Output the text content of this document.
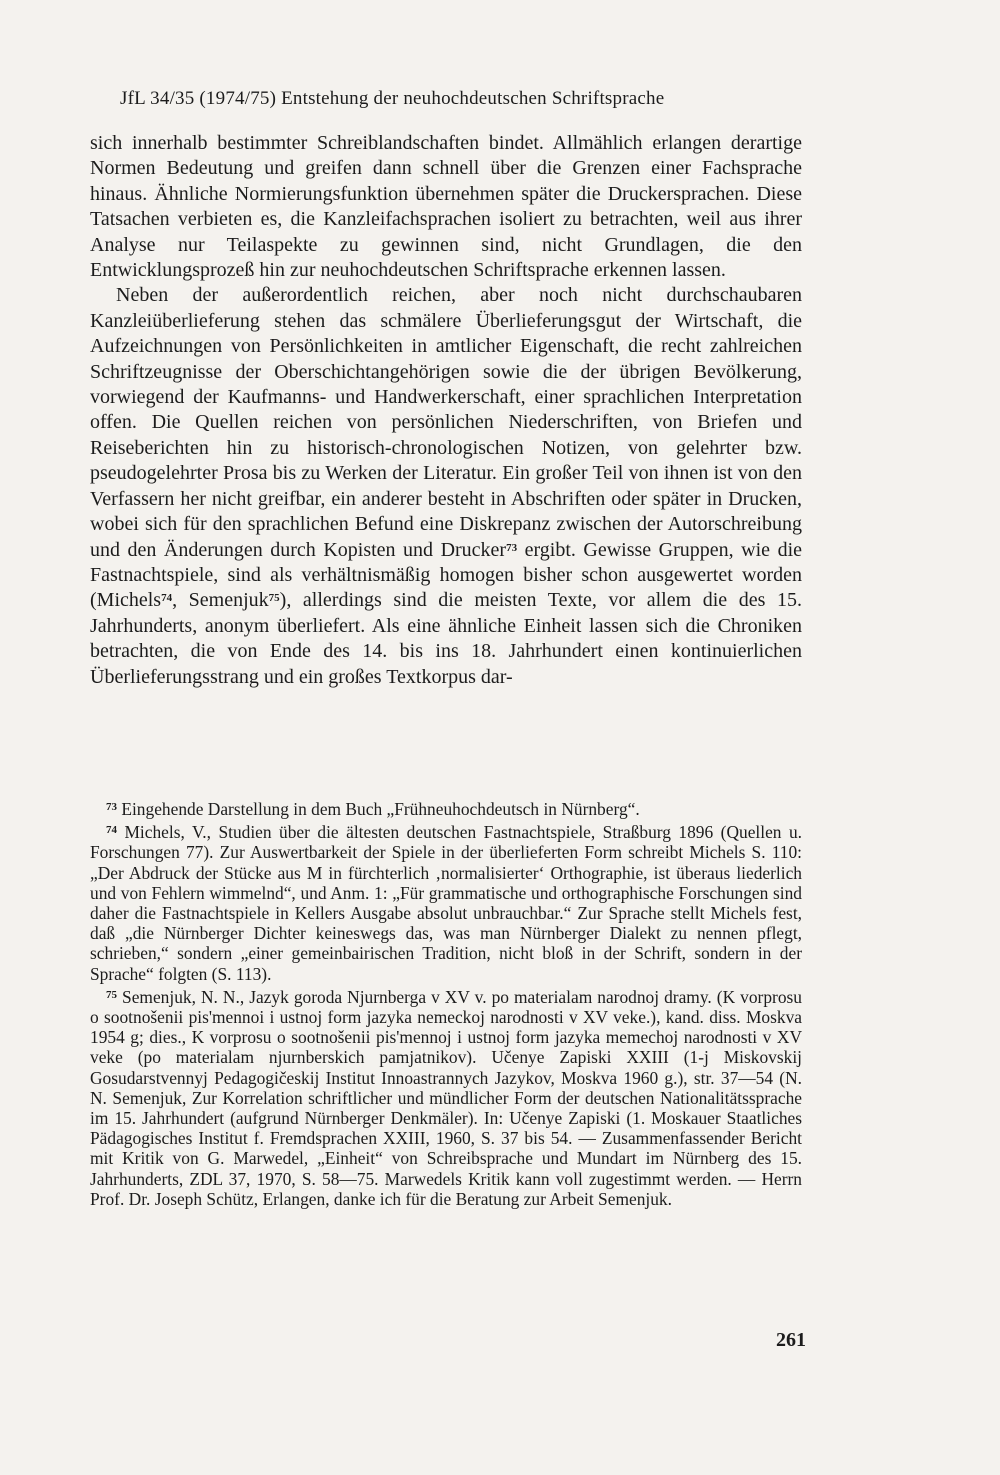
JfL 34/35 (1974/75) Entstehung der neuhochdeutschen Schriftsprache

sich innerhalb bestimmter Schreiblandschaften bindet. Allmählich erlangen derartige Normen Bedeutung und greifen dann schnell über die Grenzen einer Fachsprache hinaus. Ähnliche Normierungsfunktion übernehmen später die Druckersprachen. Diese Tatsachen verbieten es, die Kanzleifachsprachen isoliert zu betrachten, weil aus ihrer Analyse nur Teilaspekte zu gewinnen sind, nicht Grundlagen, die den Entwicklungsprozeß hin zur neuhochdeutschen Schriftsprache erkennen lassen.

Neben der außerordentlich reichen, aber noch nicht durchschaubaren Kanzleiüberlieferung stehen das schmälere Überlieferungsgut der Wirtschaft, die Aufzeichnungen von Persönlichkeiten in amtlicher Eigenschaft, die recht zahlreichen Schriftzeugnisse der Oberschichtangehörigen sowie die der übrigen Bevölkerung, vorwiegend der Kaufmanns- und Handwerkerschaft, einer sprachlichen Interpretation offen. Die Quellen reichen von persönlichen Niederschriften, von Briefen und Reiseberichten hin zu historisch-chronologischen Notizen, von gelehrter bzw. pseudogelehrter Prosa bis zu Werken der Literatur. Ein großer Teil von ihnen ist von den Verfassern her nicht greifbar, ein anderer besteht in Abschriften oder später in Drucken, wobei sich für den sprachlichen Befund eine Diskrepanz zwischen der Autorschreibung und den Änderungen durch Kopisten und Drucker$^{73}$ ergibt. Gewisse Gruppen, wie die Fastnachtspiele, sind als verhältnismäßig homogen bisher schon ausgewertet worden (Michels$^{74}$, Semenjuk$^{75}$), allerdings sind die meisten Texte, vor allem die des 15. Jahrhunderts, anonym überliefert. Als eine ähnliche Einheit lassen sich die Chroniken betrachten, die von Ende des 14. bis ins 18. Jahrhundert einen kontinuierlichen Überlieferungsstrang und ein großes Textkorpus dar-

$^{73}$ Eingehende Darstellung in dem Buch „Frühneuhochdeutsch in Nürnberg“.

$^{74}$ Michels, V., Studien über die ältesten deutschen Fastnachtspiele, Straßburg 1896 (Quellen u. Forschungen 77). Zur Auswertbarkeit der Spiele in der überlieferten Form schreibt Michels S. 110: „Der Abdruck der Stücke aus M in fürchterlich ‚normalisierter‘ Orthographie, ist überaus liederlich und von Fehlern wimmelnd“, und Anm. 1: „Für grammatische und orthographische Forschungen sind daher die Fastnachtspiele in Kellers Ausgabe absolut unbrauchbar.“ Zur Sprache stellt Michels fest, daß „die Nürnberger Dichter keineswegs das, was man Nürnberger Dialekt zu nennen pflegt, schrieben,“ sondern „einer gemeinbairischen Tradition, nicht bloß in der Schrift, sondern in der Sprache“ folgten (S. 113).

$^{75}$ Semenjuk, N. N., Jazyk goroda Njurnberga v XV v. po materialam narodnoj dramy. (K vorprosu o sootnošenii pis'mennoi i ustnoj form jazyka nemeckoj narodnosti v XV veke.), kand. diss. Moskva 1954 g; dies., K vorprosu o sootnošenii pis'mennoj i ustnoj form jazyka memechoj narodnosti v XV veke (po materialam njurnberskich pamjatnikov). Učenye Zapiski XXIII (1-j Miskovskij Gosudarstvennyj Pedagogičeskij Institut Innoastrannych Jazykov, Moskva 1960 g.), str. 37—54 (N. N. Semenjuk, Zur Korrelation schriftlicher und mündlicher Form der deutschen Nationalitätssprache im 15. Jahrhundert (aufgrund Nürnberger Denkmäler). In: Učenye Zapiski (1. Moskauer Staatliches Pädagogisches Institut f. Fremdsprachen XXIII, 1960, S. 37 bis 54. — Zusammenfassender Bericht mit Kritik von G. Marwedel, „Einheit“ von Schreibsprache und Mundart im Nürnberg des 15. Jahrhunderts, ZDL 37, 1970, S. 58—75. Marwedels Kritik kann voll zugestimmt werden. — Herrn Prof. Dr. Joseph Schütz, Erlangen, danke ich für die Beratung zur Arbeit Semenjuk.

261
